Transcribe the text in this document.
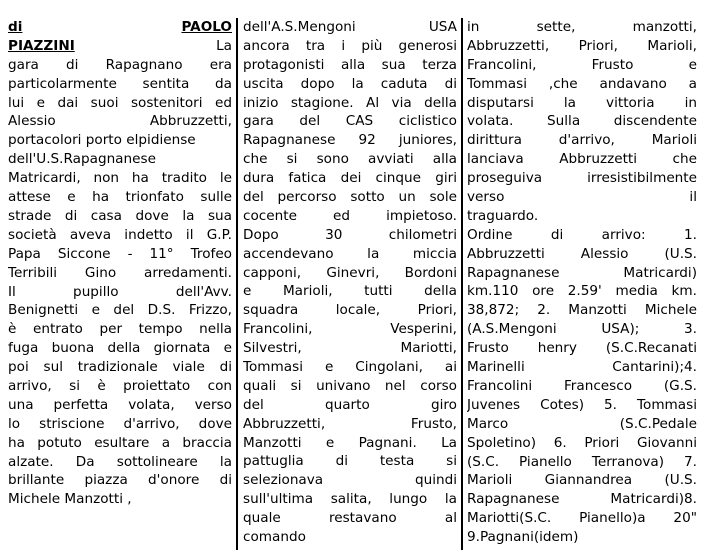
di	PAOLO
PIAZZINI	La
gara di Rapagnano era
particolarmente sentita da
lui e dai suoi sostenitori ed
Alessio Abbruzzetti,
portacolori porto elpidiense
dell'U.S.Rapagnanese
Matricardi, non ha tradito le
attese e ha trionfato sulle
strade di casa dove la sua
società aveva indetto il G.P.
Papa Siccone - 11° Trofeo
Terribili Gino arredamenti.
Il pupillo dell'Avv.
Benignetti e del D.S. Frizzo,
è entrato per tempo nella
fuga buona della giornata e
poi sul tradizionale viale di
arrivo, si è proiettato con
una perfetta volata, verso
lo striscione d'arrivo, dove
ha potuto esultare a braccia
alzate. Da sottolineare la
brillante piazza d'onore di
Michele Manzotti ,
dell'A.S.Mengoni USA
ancora tra i più generosi
protagonisti alla sua terza
uscita dopo la caduta di
inizio stagione. Al via della
gara del CAS ciclistico
Rapagnanese 92 juniores,
che si sono avviati alla
dura fatica dei cinque giri
del percorso sotto un sole
cocente ed impietoso.
Dopo 30 chilometri
accendevano la miccia
capponi, Ginevri, Bordoni
e Marioli, tutti della
squadra locale, Priori,
Francolini, Vesperini,
Silvestri, Mariotti,
Tommasi e Cingolani, ai
quali si univano nel corso
del quarto giro
Abbruzzetti, Frusto,
Manzotti e Pagnani. La
pattuglia di testa si
selezionava quindi
sull'ultima salita, lungo la
quale restavano al
comando
in sette, manzotti,
Abbruzzetti, Priori, Marioli,
Francolini, Frusto e
Tommasi ,che andavano a
disputarsi la vittoria in
volata. Sulla discendente
dirittura d'arrivo, Marioli
lanciava Abbruzzetti che
proseguiva irresistibilmente
verso il
traguardo.
Ordine di arrivo: 1.
Abbruzzetti Alessio (U.S.
Rapagnanese Matricardi)
km.110 ore 2.59' media km.
38,872; 2. Manzotti Michele
(A.S.Mengoni USA); 3.
Frusto henry (S.C.Recanati
Marinelli Cantarini);4.
Francolini Francesco (G.S.
Juvenes Cotes) 5. Tommasi
Marco (S.C.Pedale
Spoletino) 6. Priori Giovanni
(S.C. Pianello Terranova) 7.
Marioli Giannandrea (U.S.
Rapagnanese Matricardi)8.
Mariotti(S.C. Pianello)a 20"
9.Pagnani(idem)
